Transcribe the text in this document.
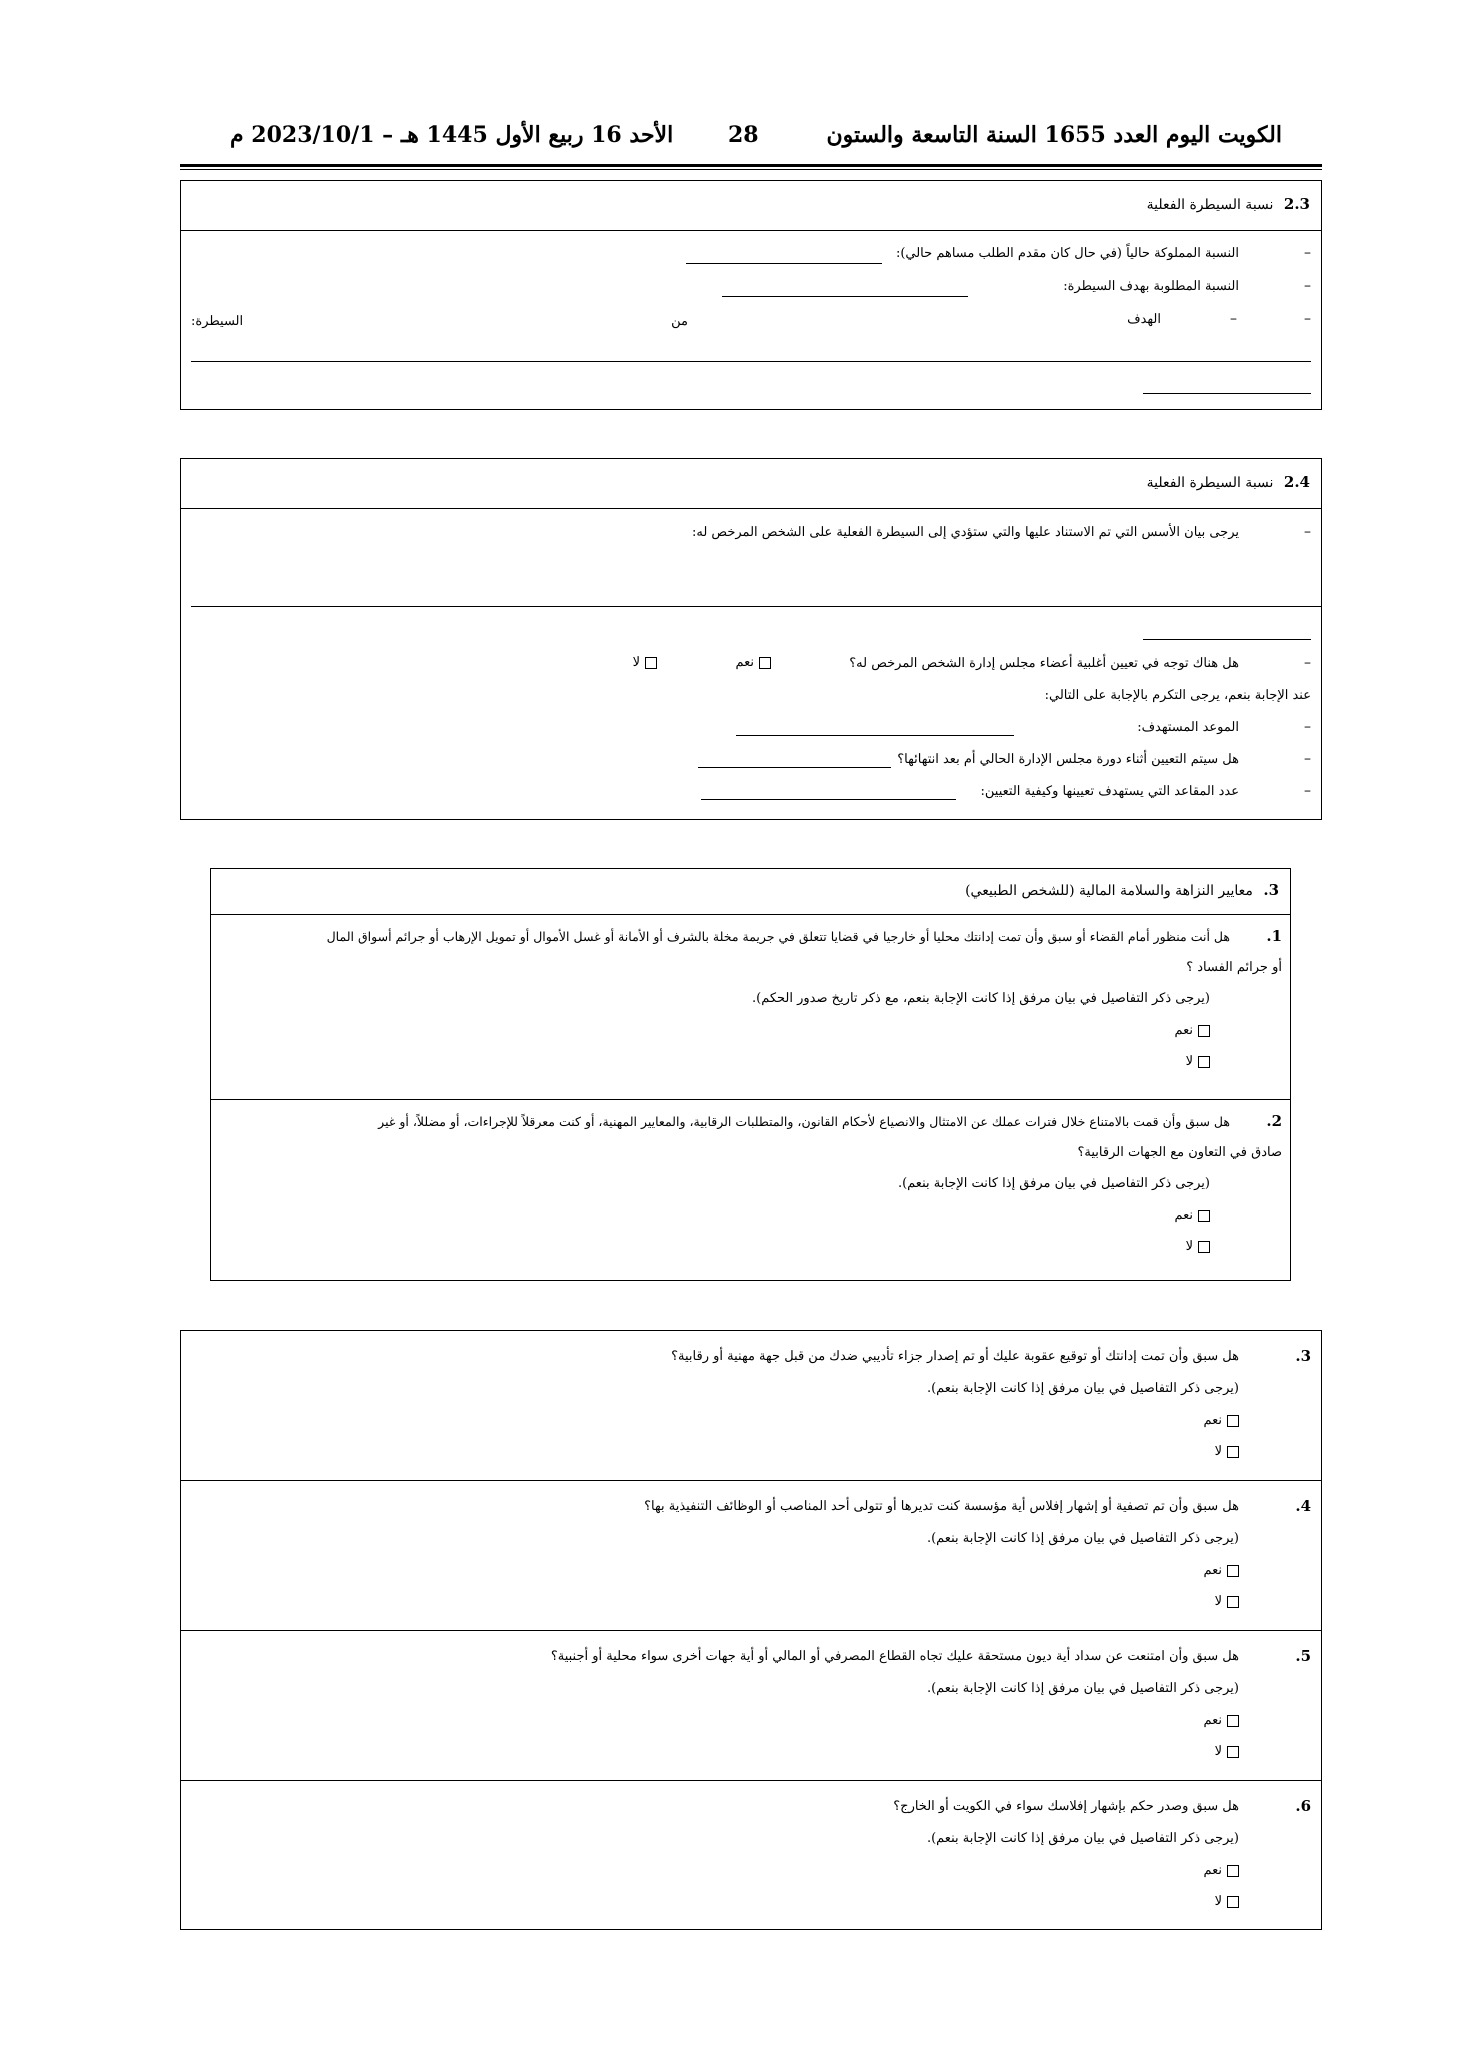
الكويت اليوم العدد 1655 السنة التاسعة والستون
28
الأحد 16 ربيع الأول 1445 هـ – 2023/10/1 م
2.3 نسبة السيطرة الفعلية
–
النسبة المملوكة حالياً (في حال كان مقدم الطلب مساهم حالي):
–
النسبة المطلوبة بهدف السيطرة:
–
–
الهدف
من
السيطرة:
2.4 نسبة السيطرة الفعلية
–
يرجى بيان الأسس التي تم الاستناد عليها والتي ستؤدي إلى السيطرة الفعلية على الشخص المرخص له:
–
هل هناك توجه في تعيين أغلبية أعضاء مجلس إدارة الشخص المرخص له؟
نعم
لا
عند الإجابة بنعم، يرجى التكرم بالإجابة على التالي:
–
الموعد المستهدف:
–
هل سيتم التعيين أثناء دورة مجلس الإدارة الحالي أم بعد انتهائها؟
–
عدد المقاعد التي يستهدف تعيينها وكيفية التعيين:
3. معايير النزاهة والسلامة المالية (للشخص الطبيعي)
1.
هل أنت منظور أمام القضاء أو سبق وأن تمت إدانتك محليا أو خارجيا في قضايا تتعلق في جريمة مخلة بالشرف أو الأمانة أو غسل الأموال أو تمويل الإرهاب أو جرائم أسواق المال
أو جرائم الفساد ؟
(يرجى ذكر التفاصيل في بيان مرفق إذا كانت الإجابة بنعم، مع ذكر تاريخ صدور الحكم).
نعم
لا
2.
هل سبق وأن قمت بالامتناع خلال فترات عملك عن الامتثال والانصياع لأحكام القانون، والمتطلبات الرقابية، والمعايير المهنية، أو كنت معرقلاً للإجراءات، أو مضللاً، أو غير
صادق في التعاون مع الجهات الرقابية؟
(يرجى ذكر التفاصيل في بيان مرفق إذا كانت الإجابة بنعم).
نعم
لا
3.
هل سبق وأن تمت إدانتك أو توقيع عقوبة عليك أو تم إصدار جزاء تأديبي ضدك من قبل جهة مهنية أو رقابية؟
(يرجى ذكر التفاصيل في بيان مرفق إذا كانت الإجابة بنعم).
نعم
لا
4.
هل سبق وأن تم تصفية أو إشهار إفلاس أية مؤسسة كنت تديرها أو تتولى أحد المناصب أو الوظائف التنفيذية بها؟
(يرجى ذكر التفاصيل في بيان مرفق إذا كانت الإجابة بنعم).
نعم
لا
5.
هل سبق وأن امتنعت عن سداد أية ديون مستحقة عليك تجاه القطاع المصرفي أو المالي أو أية جهات أخرى سواء محلية أو أجنبية؟
(يرجى ذكر التفاصيل في بيان مرفق إذا كانت الإجابة بنعم).
نعم
لا
6.
هل سبق وصدر حكم بإشهار إفلاسك سواء في الكويت أو الخارج؟
(يرجى ذكر التفاصيل في بيان مرفق إذا كانت الإجابة بنعم).
نعم
لا
